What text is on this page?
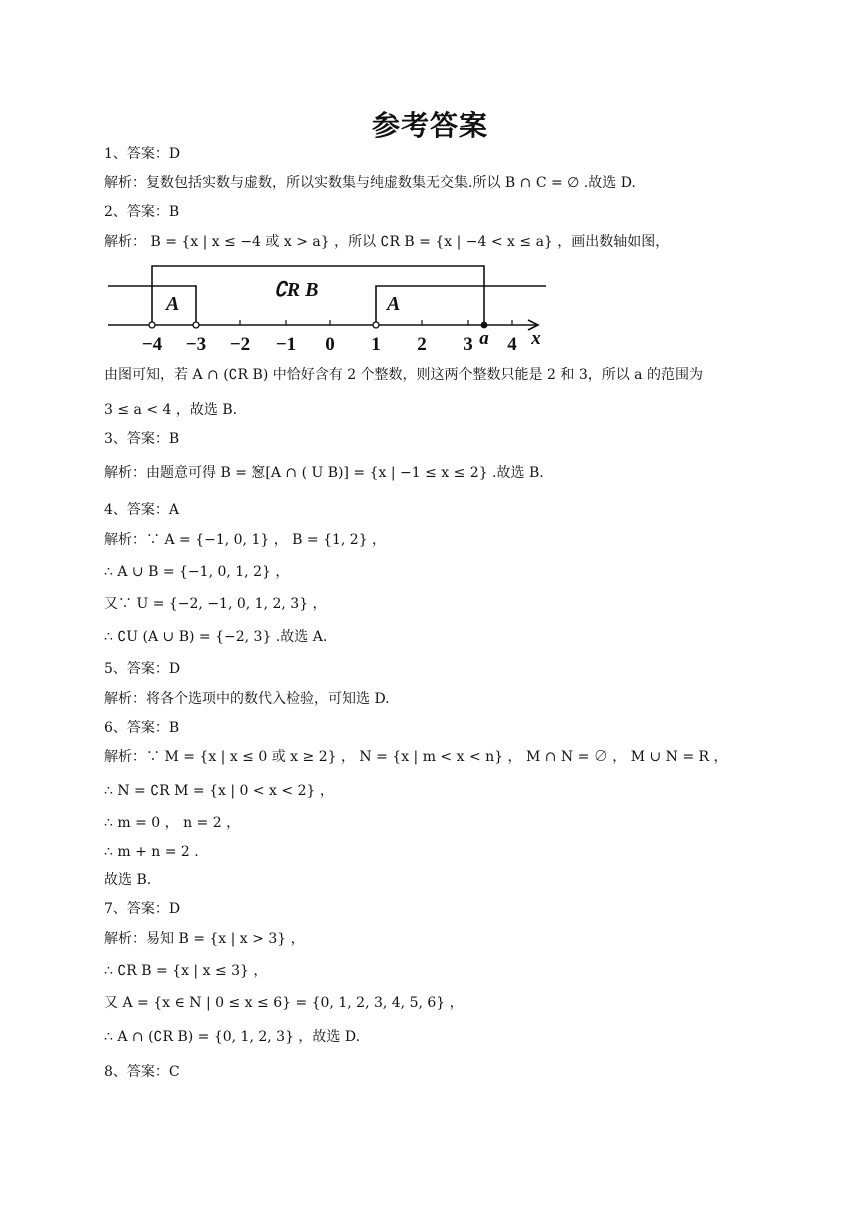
参考答案
1、答案：D
解析：复数包括实数与虚数，所以实数集与纯虚数集无交集.所以 B ∩ C = ∅ .故选 D.
2、答案：B
解析： B = {x | x ≤ −4 或 x > a} ，所以 ∁R B = {x | −4 < x ≤ a} ，画出数轴如图，
A
∁R B
A
−4 −3 −2 −1 0 1 2 3 a 4 x
由图可知，若 A ∩ (∁R B) 中恰好含有 2 个整数，则这两个整数只能是 2 和 3，所以 a 的范围为
3 ≤ a < 4 ，故选 B.
3、答案：B
解析：由题意可得 B = 䆫[A ∩ ( U B)] = {x | −1 ≤ x ≤ 2} .故选 B.
4、答案：A
解析：∵ A = {−1, 0, 1} ， B = {1, 2} ，
∴ A ∪ B = {−1, 0, 1, 2} ，
又∵ U = {−2, −1, 0, 1, 2, 3} ，
∴ ∁U (A ∪ B) = {−2, 3} .故选 A.
5、答案：D
解析：将各个选项中的数代入检验，可知选 D.
6、答案：B
解析：∵ M = {x | x ≤ 0 或 x ≥ 2} ， N = {x | m < x < n} ， M ∩ N = ∅ ， M ∪ N = R ，
∴ N = ∁R M = {x | 0 < x < 2} ，
∴ m = 0 ， n = 2 ，
∴ m + n = 2 .
故选 B.
7、答案：D
解析：易知 B = {x | x > 3} ，
∴ ∁R B = {x | x ≤ 3} ，
又 A = {x ∈ N | 0 ≤ x ≤ 6} = {0, 1, 2, 3, 4, 5, 6} ，
∴ A ∩ (∁R B) = {0, 1, 2, 3} ，故选 D.
8、答案：C
